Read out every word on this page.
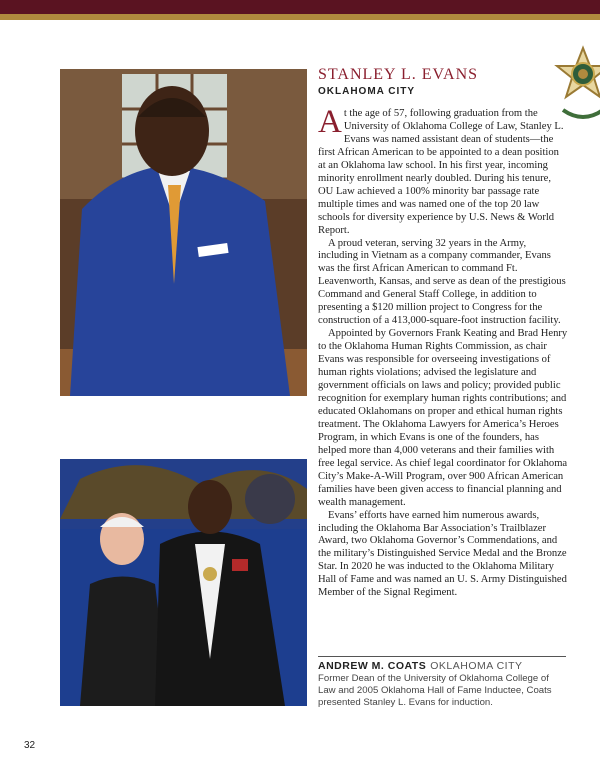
STANLEY L. EVANS
OKLAHOMA CITY

At the age of 57, following graduation from the University of Oklahoma College of Law, Stanley L. Evans was named assistant dean of students—the first African American to be appointed to a dean position at an Oklahoma law school. In his first year, incoming minority enrollment nearly doubled. During his tenure, OU Law achieved a 100% minority bar passage rate multiple times and was named one of the top 20 law schools for diversity experience by U.S. News & World Report.

A proud veteran, serving 32 years in the Army, including in Vietnam as a company commander, Evans was the first African American to command Ft. Leavenworth, Kansas, and serve as dean of the prestigious Command and General Staff College, in addition to presenting a $120 million project to Congress for the construction of a 413,000-square-foot instruction facility.

Appointed by Governors Frank Keating and Brad Henry to the Oklahoma Human Rights Commission, as chair Evans was responsible for overseeing investigations of human rights violations; advised the legislature and government officials on laws and policy; provided public recognition for exemplary human rights contributions; and educated Oklahomans on proper and ethical human rights treatment. The Oklahoma Lawyers for America’s Heroes Program, in which Evans is one of the founders, has helped more than 4,000 veterans and their families with free legal service. As chief legal coordinator for Oklahoma City’s Make-A-Will Program, over 900 African American families have been given access to financial planning and wealth management.

Evans’ efforts have earned him numerous awards, including the Oklahoma Bar Association’s Trailblazer Award, two Oklahoma Governor’s Commendations, and the military’s Distinguished Service Medal and the Bronze Star. In 2020 he was inducted to the Oklahoma Military Hall of Fame and was named an U. S. Army Distinguished Member of the Signal Regiment.

ANDREW M. COATS OKLAHOMA CITY
Former Dean of the University of Oklahoma College of Law and 2005 Oklahoma Hall of Fame Inductee, Coats presented Stanley L. Evans for induction.
32
